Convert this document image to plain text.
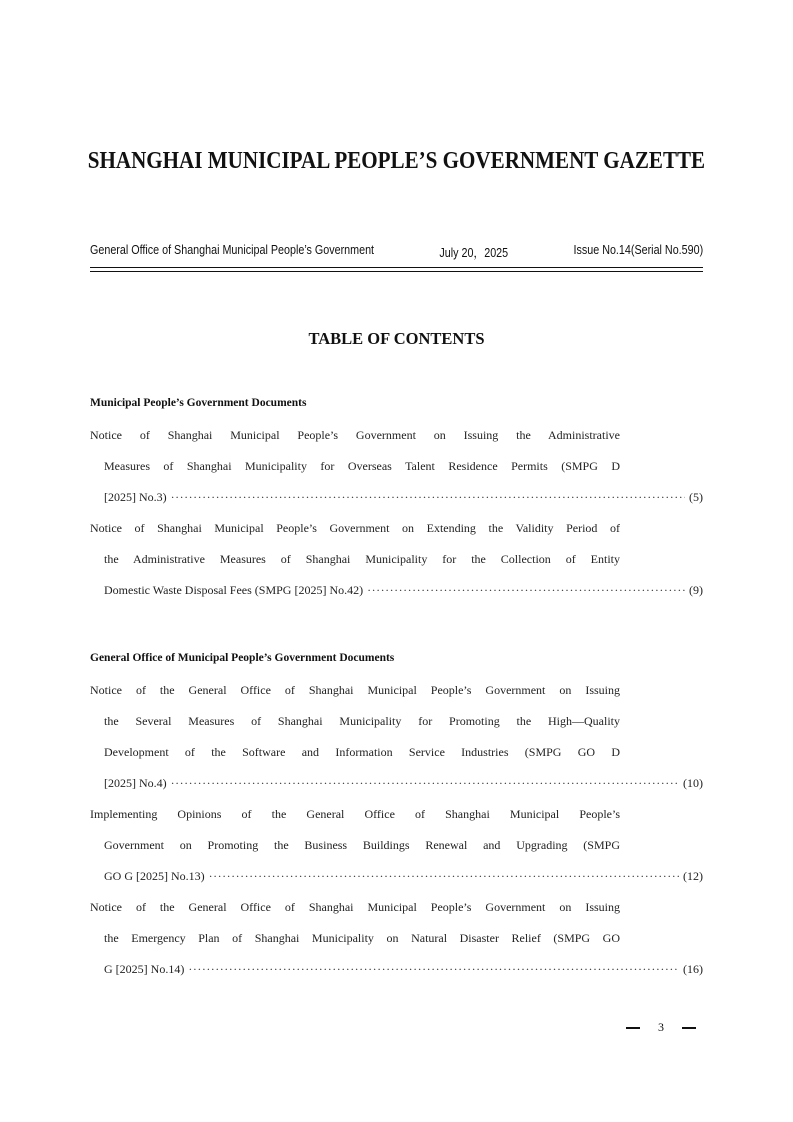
SHANGHAI MUNICIPAL PEOPLE’S GOVERNMENT GAZETTE
General Office of Shanghai Municipal People’s Government	July 20，2025	Issue No.14(Serial No.590)
TABLE OF CONTENTS
Municipal People’s Government Documents
Notice of Shanghai Municipal People’s Government on Issuing the Administrative
Measures of Shanghai Municipality for Overseas Talent Residence Permits (SMPG D
[2025] No.3) ·····	(5)
Notice of Shanghai Municipal People’s Government on Extending the Validity Period of
the Administrative Measures of Shanghai Municipality for the Collection of Entity
Domestic Waste Disposal Fees (SMPG [2025] No.42) ·····	(9)
General Office of Municipal People’s Government Documents
Notice of the General Office of Shanghai Municipal People’s Government on Issuing
the Several Measures of Shanghai Municipality for Promoting the High—Quality
Development of the Software and Information Service Industries (SMPG GO D
[2025] No.4) ·····	(10)
Implementing Opinions of the General Office of Shanghai Municipal People’s
Government on Promoting the Business Buildings Renewal and Upgrading (SMPG
GO G [2025] No.13) ·····	(12)
Notice of the General Office of Shanghai Municipal People’s Government on Issuing
the Emergency Plan of Shanghai Municipality on Natural Disaster Relief (SMPG GO
G [2025] No.14) ·····	(16)
3
